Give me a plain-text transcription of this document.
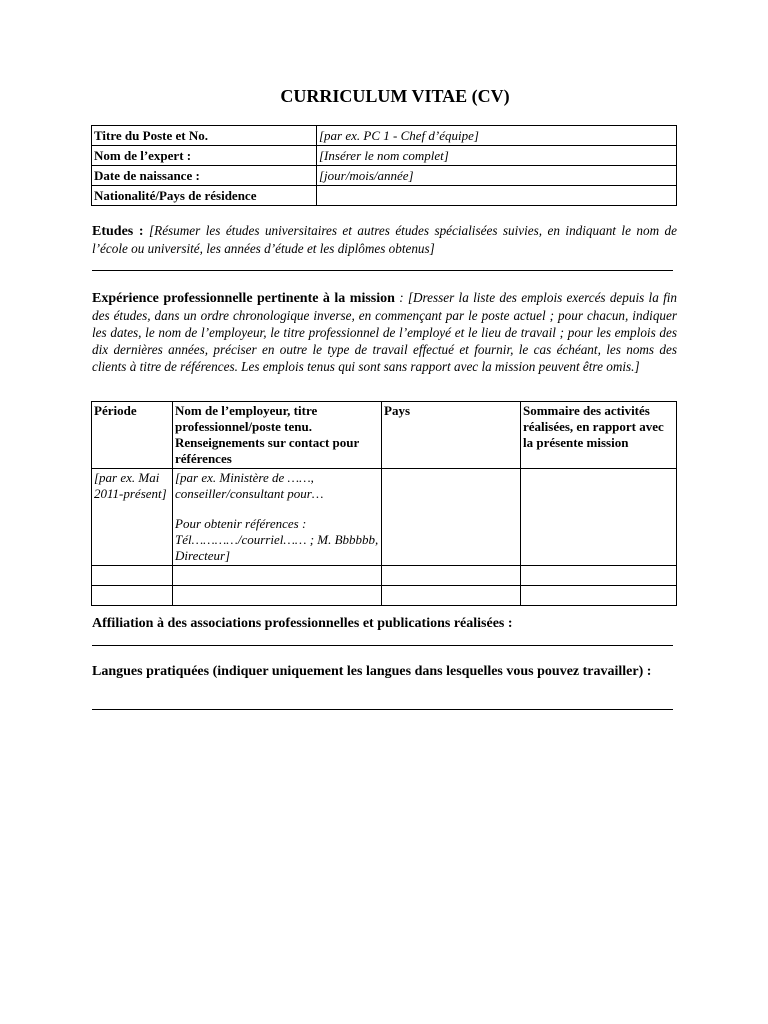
CURRICULUM VITAE (CV)
Titre du Poste et No.	[par ex. PC 1 - Chef d’équipe]
Nom de l’expert :	[Insérer le nom complet]
Date de naissance :	[jour/mois/année]
Nationalité/Pays de résidence	
Etudes : [Résumer les études universitaires et autres études spécialisées suivies, en indiquant le nom de l’école ou université, les années d’étude et les diplômes obtenus]
Expérience professionnelle pertinente à la mission : [Dresser la liste des emplois exercés depuis la fin des études, dans un ordre chronologique inverse, en commençant par le poste actuel ; pour chacun, indiquer les dates, le nom de l’employeur, le titre professionnel de l’employé et le lieu de travail ; pour les emplois des dix dernières années, préciser en outre le type de travail effectué et fournir, le cas échéant, les noms des clients à titre de références. Les emplois tenus qui sont sans rapport avec la mission peuvent être omis.]
Période	Nom de l’employeur, titre professionnel/poste tenu. Renseignements sur contact pour références	Pays	Sommaire des activités réalisées, en rapport avec la présente mission
[par ex. Mai 2011-présent]	[par ex. Ministère de ……, conseiller/consultant pour…
Pour obtenir références : Tél…………/courriel…… ; M. Bbbbbb, Directeur]		

Affiliation à des associations professionnelles et publications réalisées :
Langues pratiquées (indiquer uniquement les langues dans lesquelles vous pouvez travailler) :
